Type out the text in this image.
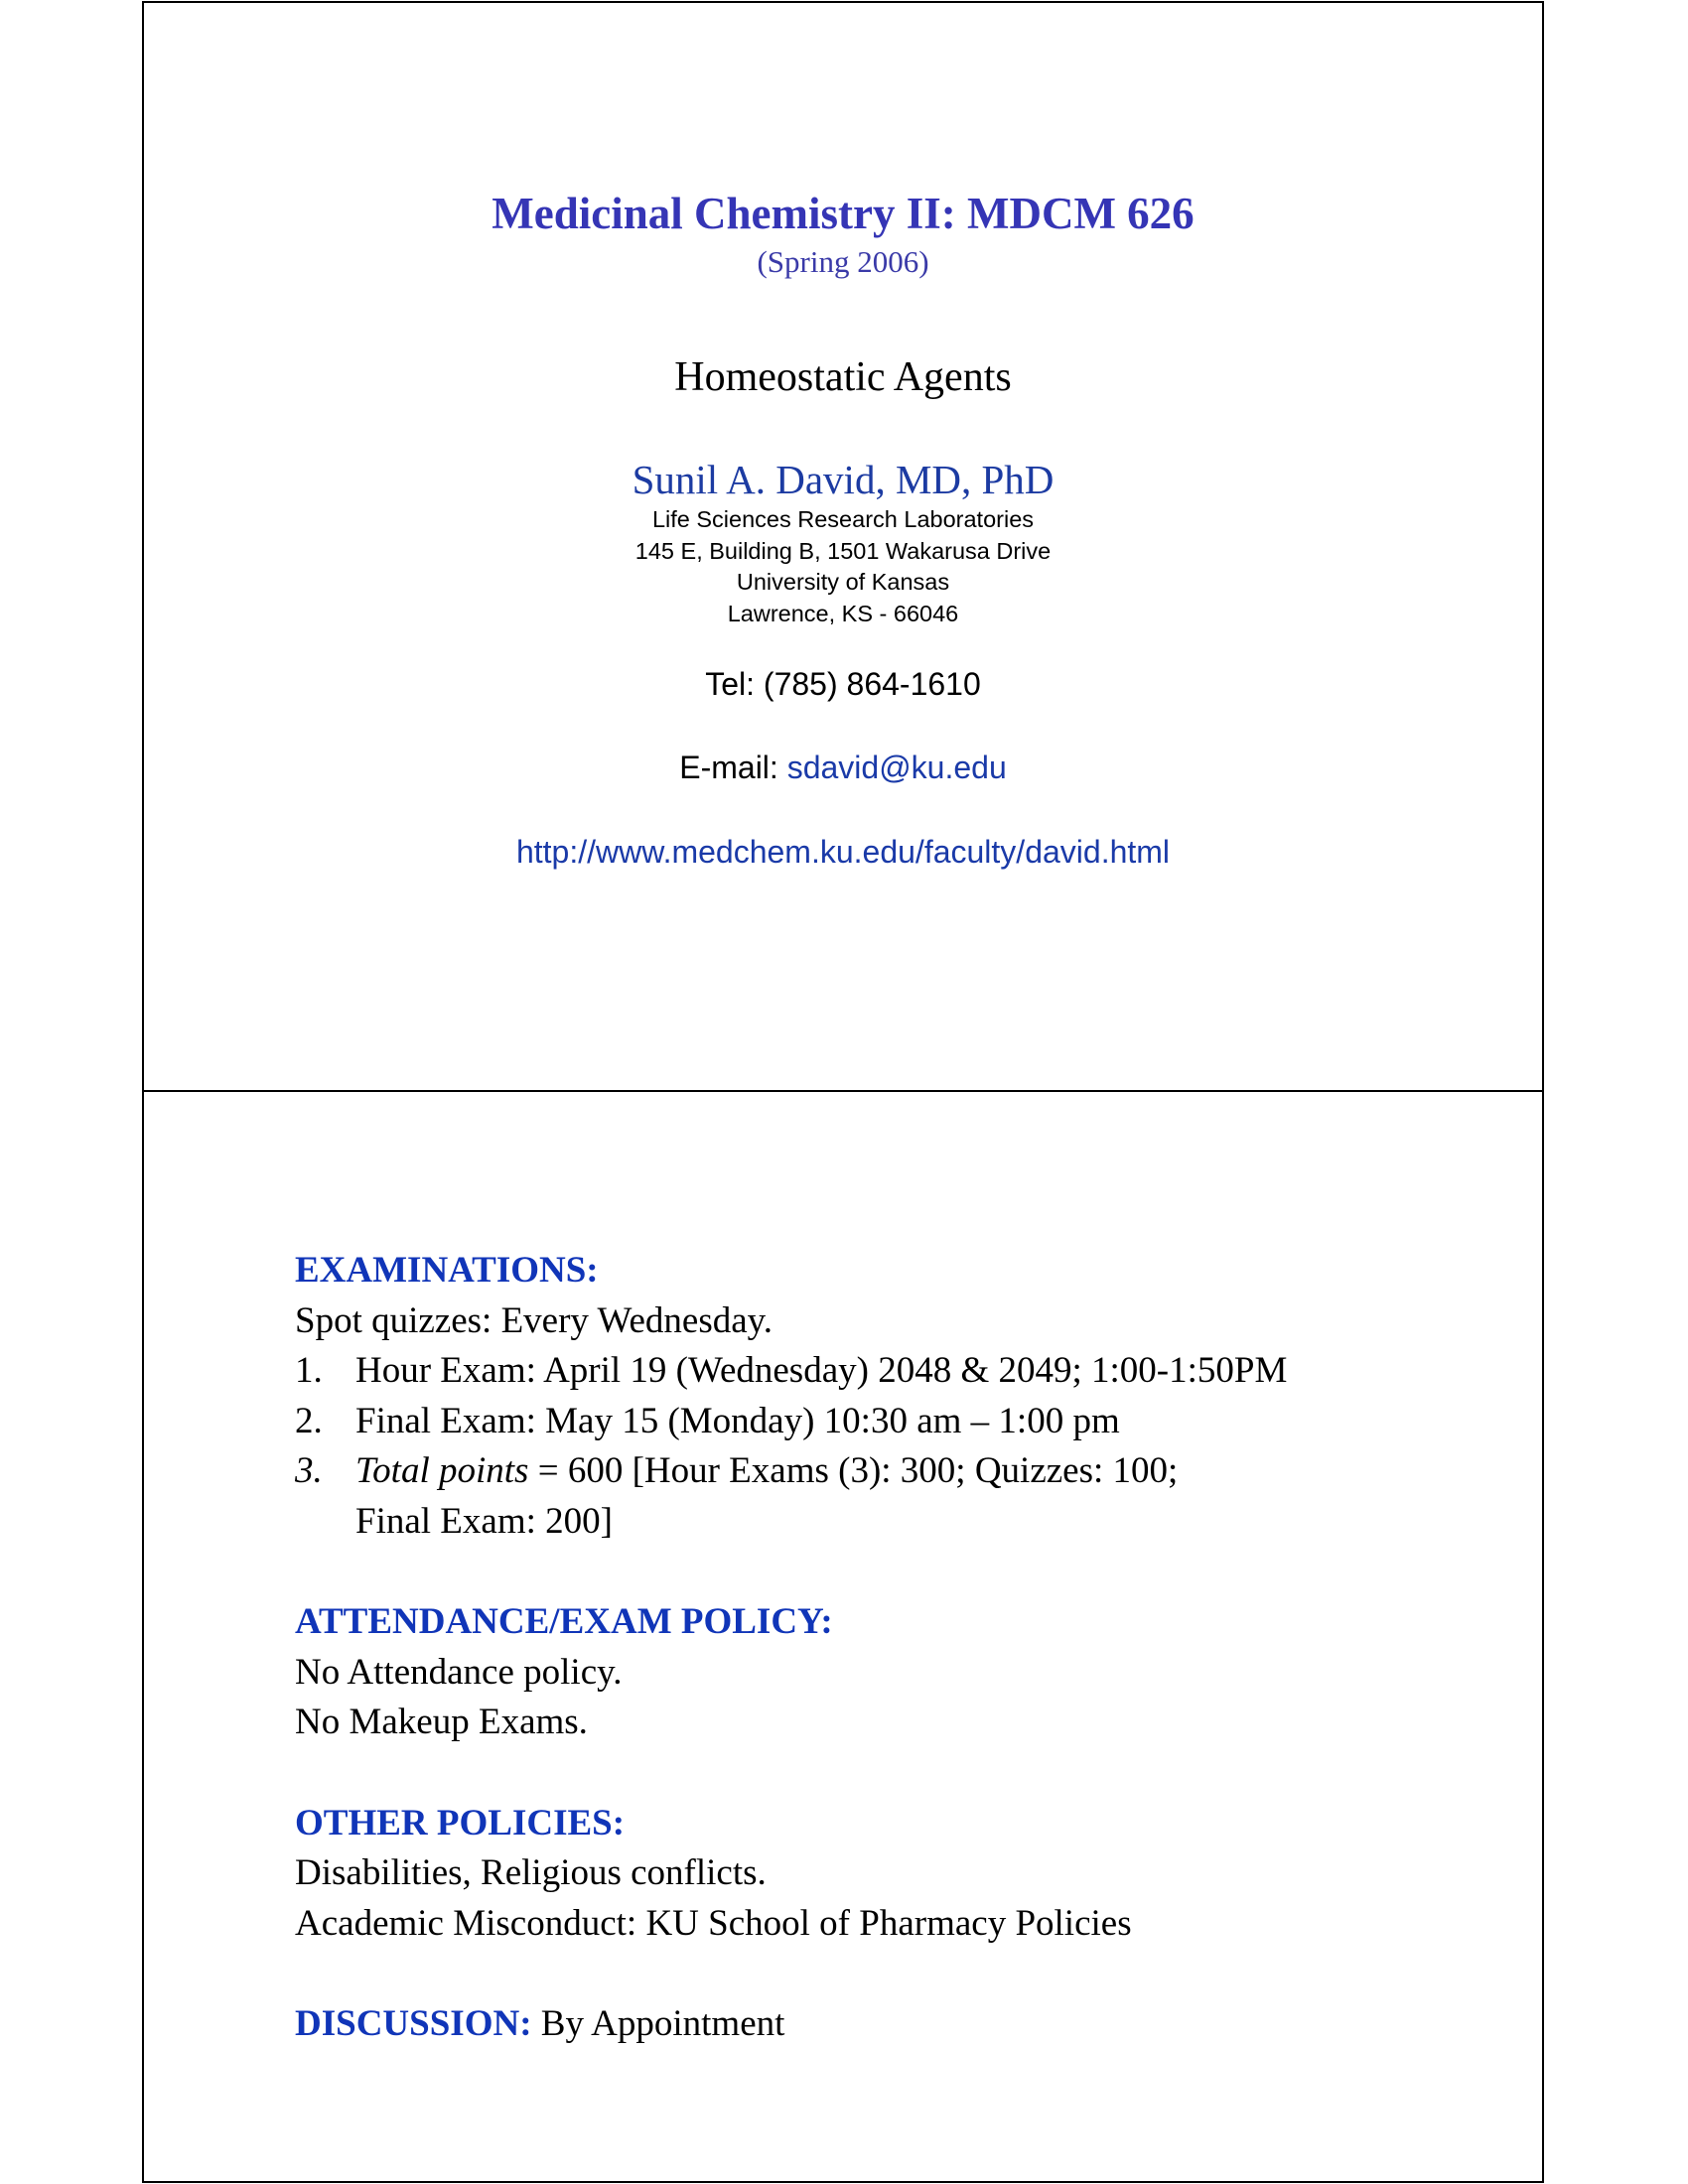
Medicinal Chemistry II: MDCM 626
(Spring 2006)
Homeostatic Agents
Sunil A. David, MD, PhD
Life Sciences Research Laboratories
145 E, Building B, 1501 Wakarusa Drive
University of Kansas
Lawrence, KS - 66046
Tel: (785) 864-1610
E-mail: sdavid@ku.edu
http://www.medchem.ku.edu/faculty/david.html
EXAMINATIONS:
Spot quizzes: Every Wednesday.
1. Hour Exam: April 19 (Wednesday) 2048 & 2049; 1:00-1:50PM
2. Final Exam: May 15 (Monday) 10:30 am – 1:00 pm
3. Total points = 600 [Hour Exams (3): 300; Quizzes: 100;
Final Exam: 200]
ATTENDANCE/EXAM POLICY:
No Attendance policy.
No Makeup Exams.
OTHER POLICIES:
Disabilities, Religious conflicts.
Academic Misconduct: KU School of Pharmacy Policies
DISCUSSION: By Appointment
